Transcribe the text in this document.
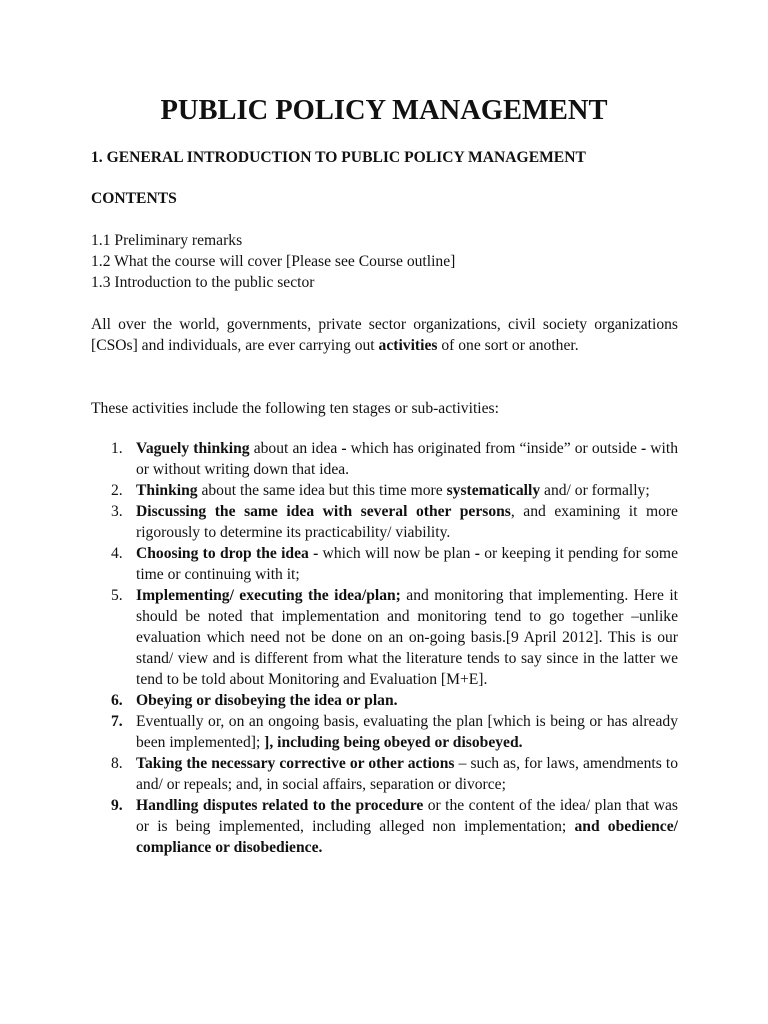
PUBLIC POLICY MANAGEMENT
1. GENERAL INTRODUCTION TO PUBLIC POLICY MANAGEMENT
CONTENTS
1.1 Preliminary remarks
1.2 What the course will cover [Please see Course outline]
1.3 Introduction to the public sector

All over the world, governments, private sector organizations, civil society organizations [CSOs] and individuals, are ever carrying out activities of one sort or another.

These activities include the following ten stages or sub-activities:

1. Vaguely thinking about an idea - which has originated from “inside” or outside - with or without writing down that idea.
2. Thinking about the same idea but this time more systematically and/ or formally;
3. Discussing the same idea with several other persons, and examining it more rigorously to determine its practicability/ viability.
4. Choosing to drop the idea - which will now be plan - or keeping it pending for some time or continuing with it;
5. Implementing/ executing the idea/plan; and monitoring that implementing. Here it should be noted that implementation and monitoring tend to go together –unlike evaluation which need not be done on an on-going basis.[9 April 2012]. This is our stand/ view and is different from what the literature tends to say since in the latter we tend to be told about Monitoring and Evaluation [M+E].
6. Obeying or disobeying the idea or plan.
7. Eventually or, on an ongoing basis, evaluating the plan [which is being or has already been implemented]; ], including being obeyed or disobeyed.
8. Taking the necessary corrective or other actions – such as, for laws, amendments to and/ or repeals; and, in social affairs, separation or divorce;
9. Handling disputes related to the procedure or the content of the idea/ plan that was or is being implemented, including alleged non implementation; and obedience/ compliance or disobedience.
